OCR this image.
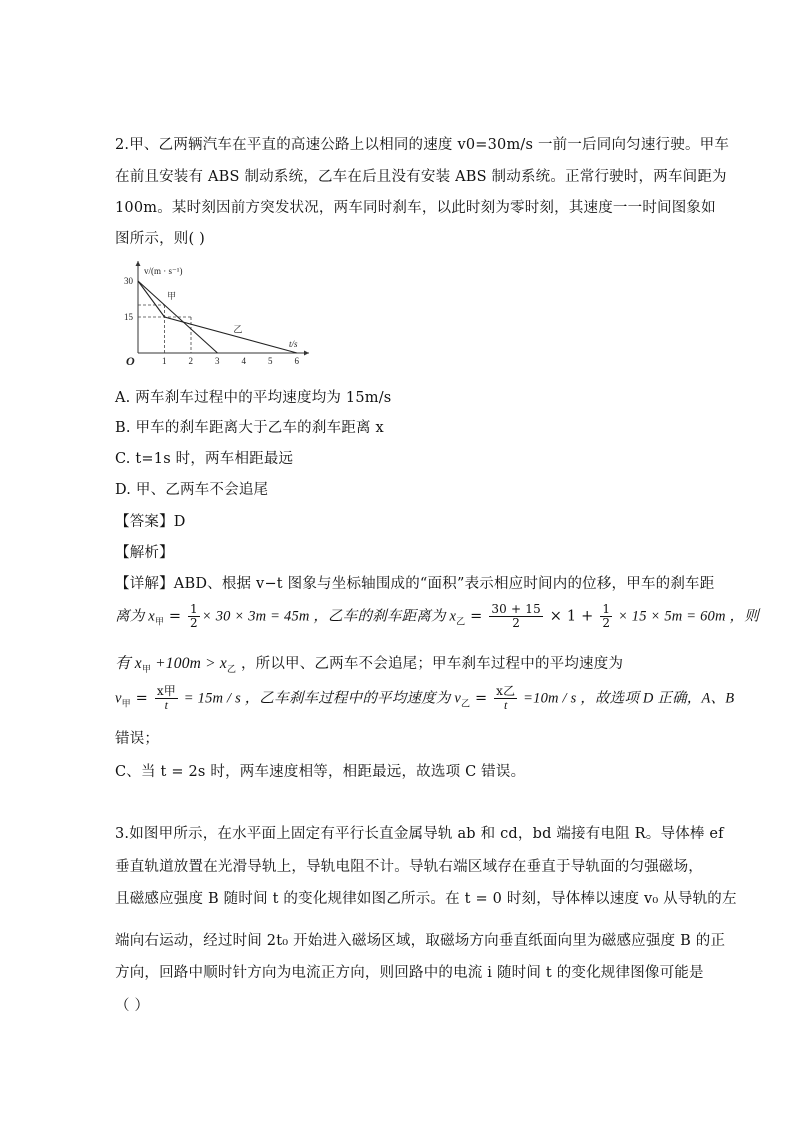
2.甲、乙两辆汽车在平直的高速公路上以相同的速度 v0=30m/s 一前一后同向匀速行驶。甲车
在前且安装有 ABS 制动系统，乙车在后且没有安装 ABS 制动系统。正常行驶时，两车间距为
100m。某时刻因前方突发状况，两车同时刹车，以此时刻为零时刻，其速度一一时间图象如
图所示，则( )
v/(m · s⁻¹)
t/s
O	1 2 3 4 5 6
15
30
甲
乙
A. 两车刹车过程中的平均速度均为 15m/s
B. 甲车的刹车距离大于乙车的刹车距离 x
C. t=1s 时，两车相距最远
D. 甲、乙两车不会追尾
【答案】D
【解析】
【详解】ABD、根据 v−t 图象与坐标轴围成的“面积”表示相应时间内的位移，甲车的刹车距
离为 $x_甲 = \frac{1}{2} \times 30 \times 3m = 45m$ ，乙车的刹车距离为 $x_乙 = \frac{30 + 15}{2} \times 1 + \frac{1}{2} \times 15 \times 5m = 60m$ ，则
有 $x_甲 +100m > x_乙$ ，所以甲、乙两车不会追尾；甲车刹车过程中的平均速度为
$v_甲 = \frac{\text{x甲}}{t} = 15m / s$ ，乙车刹车过程中的平均速度为 $v_乙 = \frac{\text{x乙}}{t} =10m / s$ ，故选项 D 正确，A、B
错误；
C、当 t = 2s 时，两车速度相等，相距最远，故选项 C 错误。
3.如图甲所示，在水平面上固定有平行长直金属导轨 ab 和 cd，bd 端接有电阻 R。导体棒 ef
垂直轨道放置在光滑导轨上，导轨电阻不计。导轨右端区域存在垂直于导轨面的匀强磁场，
且磁感应强度 B 随时间 t 的变化规律如图乙所示。在 t = 0 时刻，导体棒以速度 v₀ 从导轨的左
端向右运动，经过时间 2t₀ 开始进入磁场区域，取磁场方向垂直纸面向里为磁感应强度 B 的正
方向，回路中顺时针方向为电流正方向，则回路中的电流 i 随时间 t 的变化规律图像可能是
（ ）
